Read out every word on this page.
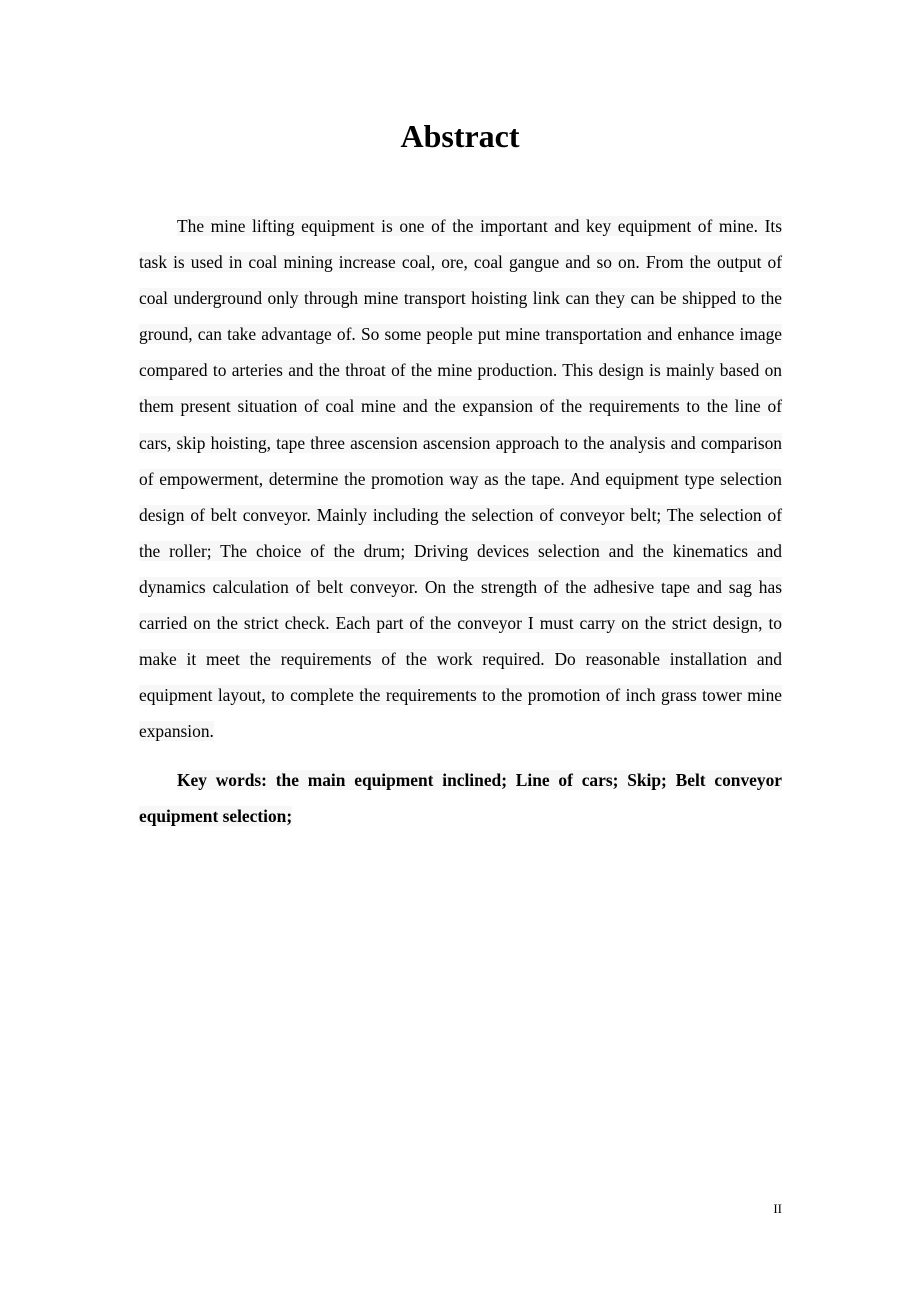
Abstract

The mine lifting equipment is one of the important and key equipment of mine. Its task is used in coal mining increase coal, ore, coal gangue and so on. From the output of coal underground only through mine transport hoisting link can they can be shipped to the ground, can take advantage of. So some people put mine transportation and enhance image compared to arteries and the throat of the mine production. This design is mainly based on them present situation of coal mine and the expansion of the requirements to the line of cars, skip hoisting, tape three ascension ascension approach to the analysis and comparison of empowerment, determine the promotion way as the tape. And equipment type selection design of belt conveyor. Mainly including the selection of conveyor belt; The selection of the roller; The choice of the drum; Driving devices selection and the kinematics and dynamics calculation of belt conveyor. On the strength of the adhesive tape and sag has carried on the strict check. Each part of the conveyor I must carry on the strict design, to make it meet the requirements of the work required. Do reasonable installation and equipment layout, to complete the requirements to the promotion of inch grass tower mine expansion.

Key words: the main equipment inclined; Line of cars; Skip; Belt conveyor equipment selection;

II
